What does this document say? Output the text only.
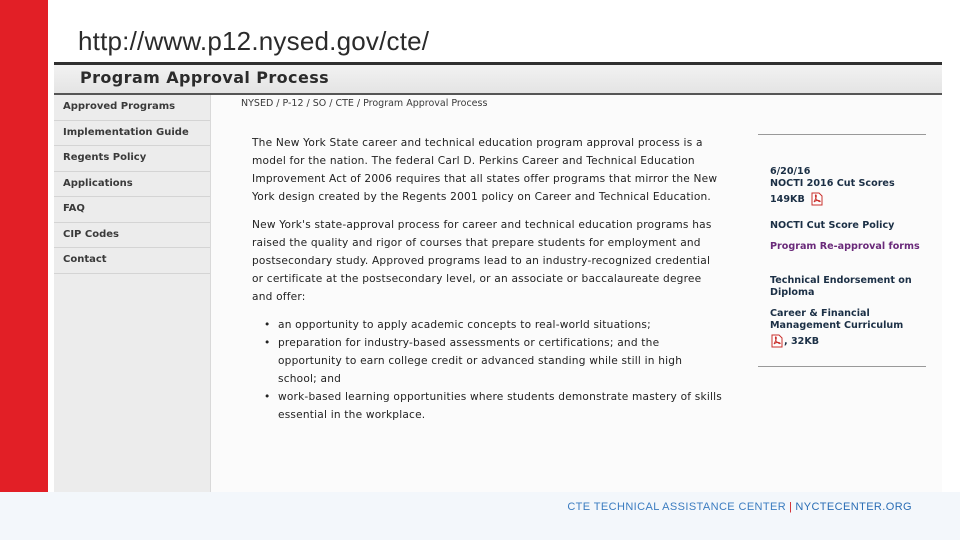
http://www.p12.nysed.gov/cte/
Program Approval Process
Approved Programs
Implementation Guide
Regents Policy
Applications
FAQ
CIP Codes
Contact
NYSED / P-12 / SO / CTE / Program Approval Process

The New York State career and technical education program approval process is a model for the nation. The federal Carl D. Perkins Career and Technical Education Improvement Act of 2006 requires that all states offer programs that mirror the New York design created by the Regents 2001 policy on Career and Technical Education.

New York's state-approval process for career and technical education programs has raised the quality and rigor of courses that prepare students for employment and postsecondary study. Approved programs lead to an industry-recognized credential or certificate at the postsecondary level, or an associate or baccalaureate degree and offer:

• an opportunity to apply academic concepts to real-world situations;
• preparation for industry-based assessments or certifications; and the opportunity to earn college credit or advanced standing while still in high school; and
• work-based learning opportunities where students demonstrate mastery of skills essential in the workplace.
6/20/16
NOCTI 2016 Cut Scores
149KB
NOCTI Cut Score Policy
Program Re-approval forms
Technical Endorsement on Diploma
Career & Financial Management Curriculum
, 32KB
CTE TECHNICAL ASSISTANCE CENTER | NYCTECENTER.ORG
